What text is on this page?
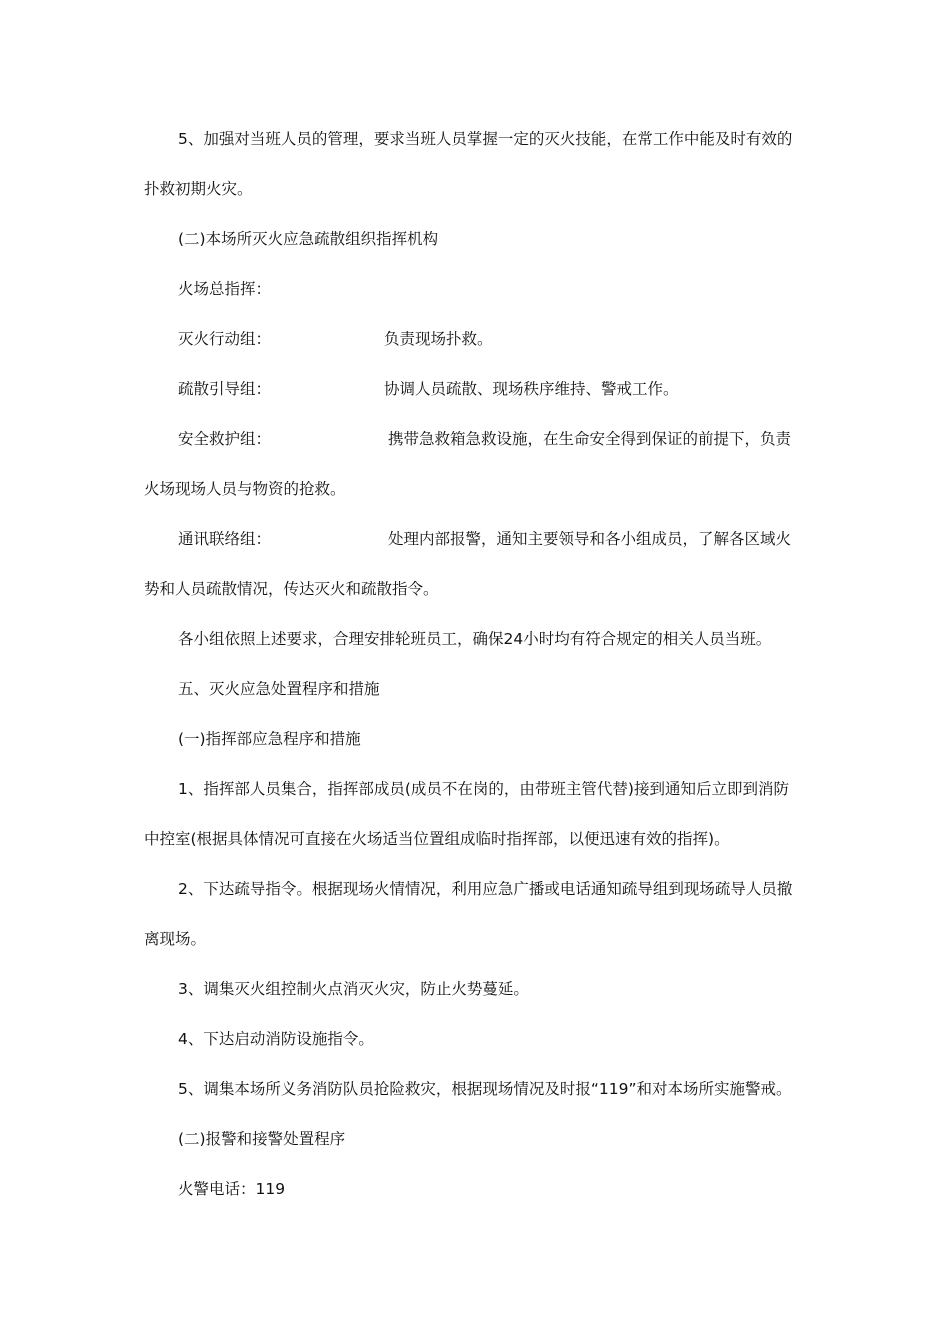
5、加强对当班人员的管理，要求当班人员掌握一定的灭火技能，在常工作中能及时有效的
扑救初期火灾。
(二)本场所灭火应急疏散组织指挥机构
火场总指挥：
灭火行动组：	负责现场扑救。
疏散引导组：	协调人员疏散、现场秩序维持、警戒工作。
安全救护组：	携带急救箱急救设施，在生命安全得到保证的前提下，负责
火场现场人员与物资的抢救。
通讯联络组：	处理内部报警，通知主要领导和各小组成员，了解各区域火
势和人员疏散情况，传达灭火和疏散指令。
各小组依照上述要求，合理安排轮班员工，确保24小时均有符合规定的相关人员当班。
五、灭火应急处置程序和措施
(一)指挥部应急程序和措施
1、指挥部人员集合，指挥部成员(成员不在岗的，由带班主管代替)接到通知后立即到消防
中控室(根据具体情况可直接在火场适当位置组成临时指挥部，以便迅速有效的指挥)。
2、下达疏导指令。根据现场火情情况，利用应急广播或电话通知疏导组到现场疏导人员撤
离现场。
3、调集灭火组控制火点消灭火灾，防止火势蔓延。
4、下达启动消防设施指令。
5、调集本场所义务消防队员抢险救灾，根据现场情况及时报“119”和对本场所实施警戒。
(二)报警和接警处置程序
火警电话：119
